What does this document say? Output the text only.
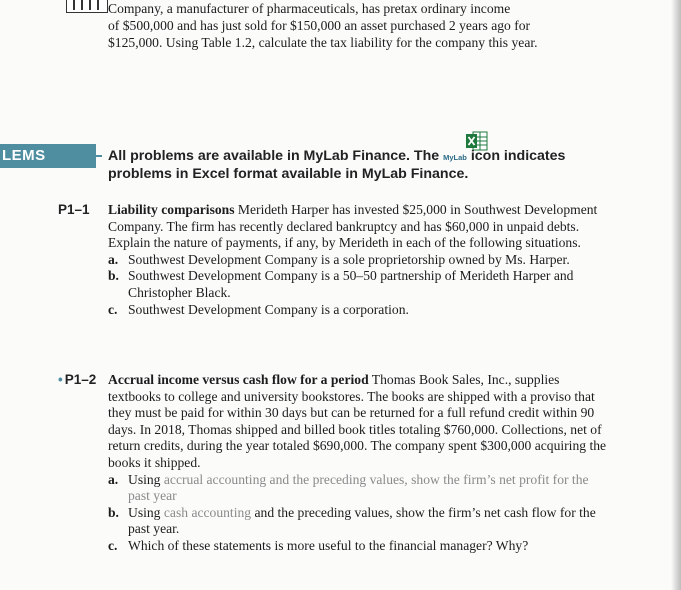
Company, a manufacturer of pharmaceuticals, has pretax ordinary income
of $500,000 and has just sold for $150,000 an asset purchased 2 years ago for
$125,000. Using Table 1.2, calculate the tax liability for the company this year.
LEMS	All problems are available in MyLab Finance. The MyLab icon indicates problems in Excel format available in MyLab Finance.
P1–1 Liability comparisons Merideth Harper has invested $25,000 in Southwest Development Company. The firm has recently declared bankruptcy and has $60,000 in unpaid debts. Explain the nature of payments, if any, by Merideth in each of the following situations.
a. Southwest Development Company is a sole proprietorship owned by Ms. Harper.
b. Southwest Development Company is a 50–50 partnership of Merideth Harper and Christopher Black.
c. Southwest Development Company is a corporation.
• P1–2 Accrual income versus cash flow for a period Thomas Book Sales, Inc., supplies textbooks to college and university bookstores. The books are shipped with a proviso that they must be paid for within 30 days but can be returned for a full refund credit within 90 days. In 2018, Thomas shipped and billed book titles totaling $760,000. Collections, net of return credits, during the year totaled $690,000. The company spent $300,000 acquiring the books it shipped.
a. Using accrual accounting and the preceding values, show the firm’s net profit for the past year
b. Using cash accounting and the preceding values, show the firm’s net cash flow for the past year.
c. Which of these statements is more useful to the financial manager? Why?
